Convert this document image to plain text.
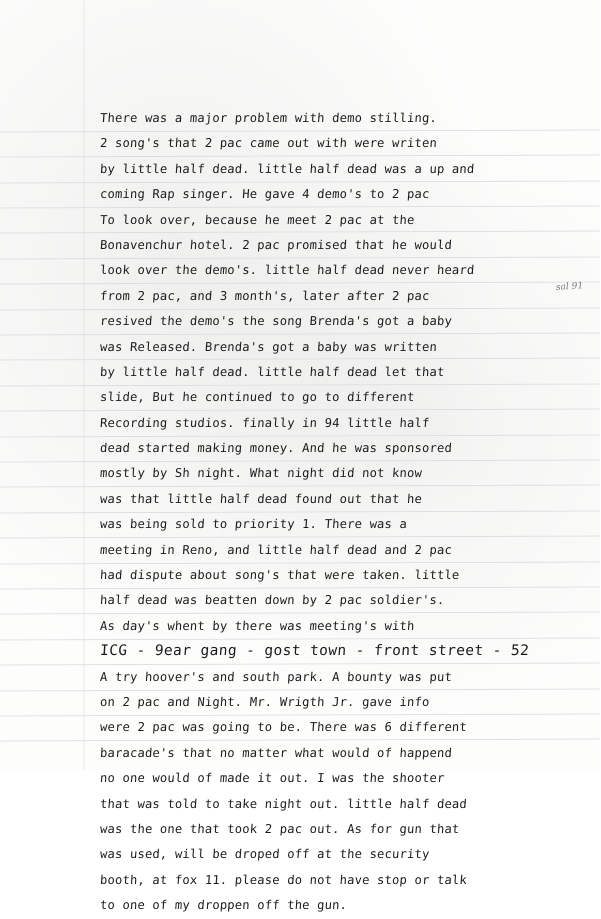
sal 91
There was a major problem with demo stilling.
2 song's that 2 pac came out with were writen
by little half dead. little half dead was a up and
coming Rap singer. He gave 4 demo's to 2 pac
To look over, because he meet 2 pac at the
Bonavenchur hotel. 2 pac promised that he would
look over the demo's. little half dead never heard
from 2 pac, and 3 month's, later after 2 pac
resived the demo's the song Brenda's got a baby
was Released. Brenda's got a baby was written
by little half dead. little half dead let that
slide, But he continued to go to different
Recording studios. finally in 94 little half
dead started making money. And he was sponsored
mostly by Sh night. What night did not know
was that little half dead found out that he
was being sold to priority 1. There was a
meeting in Reno, and little half dead and 2 pac
had dispute about song's that were taken. little
half dead was beatten down by 2 pac soldier's.
As day's whent by there was meeting's with
ICG - 9ear gang - gost town - front street - 52
A try hoover's and south park. A bounty was put
on 2 pac and Night. Mr. Wrigth Jr. gave info
were 2 pac was going to be. There was 6 different
baracade's that no matter what would of happend
no one would of made it out. I was the shooter
that was told to take night out. little half dead
was the one that took 2 pac out. As for gun that
was used, will be droped off at the security
booth, at fox 11. please do not have stop or talk
to one of my droppen off the gun.
